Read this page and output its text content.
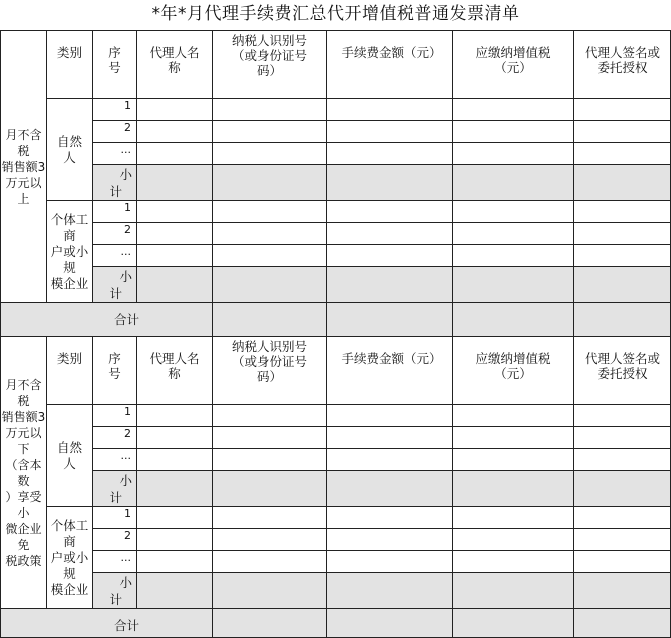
*年*月代理手续费汇总代开增值税普通发票清单
类别 序号
代理人名称
纳税人识别号（或身份证号码）
手续费金额（元）	应缴纳增值税（元）
代理人签名或委托授权
1
2
...
小
计
自然
人
1
2
...
小
计
个体工商
户或小规
模企业
月不含税
销售额3
万元以上
合计
类别 序号
代理人名称
纳税人识别号（或身份证号码）
手续费金额（元）	应缴纳增值税（元）
代理人签名或委托授权
1
2
...
小
计
自然
人
1
2
...
小
计
个体工商
户或小规
模企业
月不含税
销售额3
万元以下
（含本数
）享受小
微企业免
税政策
合计
